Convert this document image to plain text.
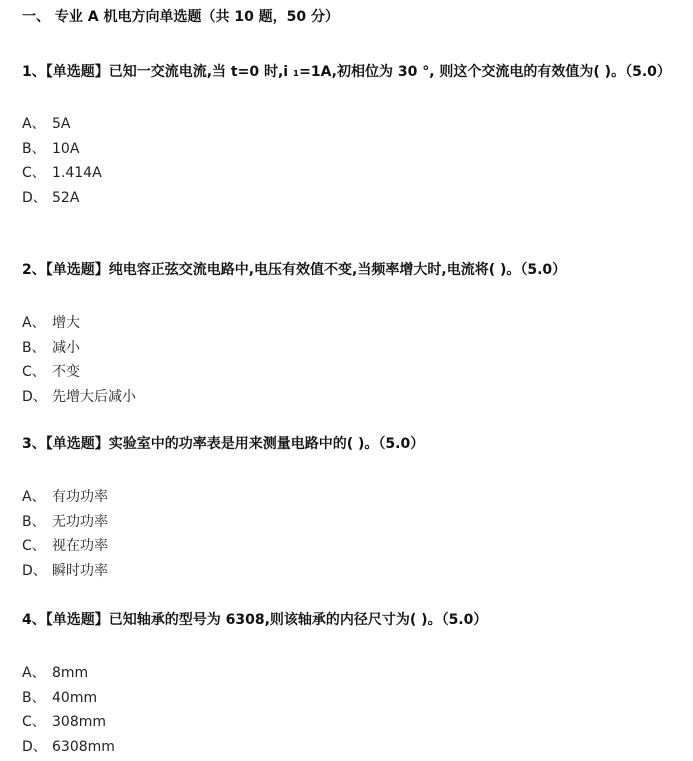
一、 专业 A 机电方向单选题（共 10 题，50 分）
1、【单选题】已知一交流电流,当 t=0 时,i ₁=1A,初相位为 30 °, 则这个交流电的有效值为( )。（5.0）
A、 5A
B、 10A
C、 1.414A
D、 52A
2、【单选题】纯电容正弦交流电路中,电压有效值不变,当频率增大时,电流将( )。（5.0）
A、 增大
B、 减小
C、 不变
D、 先增大后减小
3、【单选题】实验室中的功率表是用来测量电路中的( )。（5.0）
A、 有功功率
B、 无功功率
C、 视在功率
D、 瞬时功率
4、【单选题】已知轴承的型号为 6308,则该轴承的内径尺寸为( )。（5.0）
A、 8mm
B、 40mm
C、 308mm
D、 6308mm
